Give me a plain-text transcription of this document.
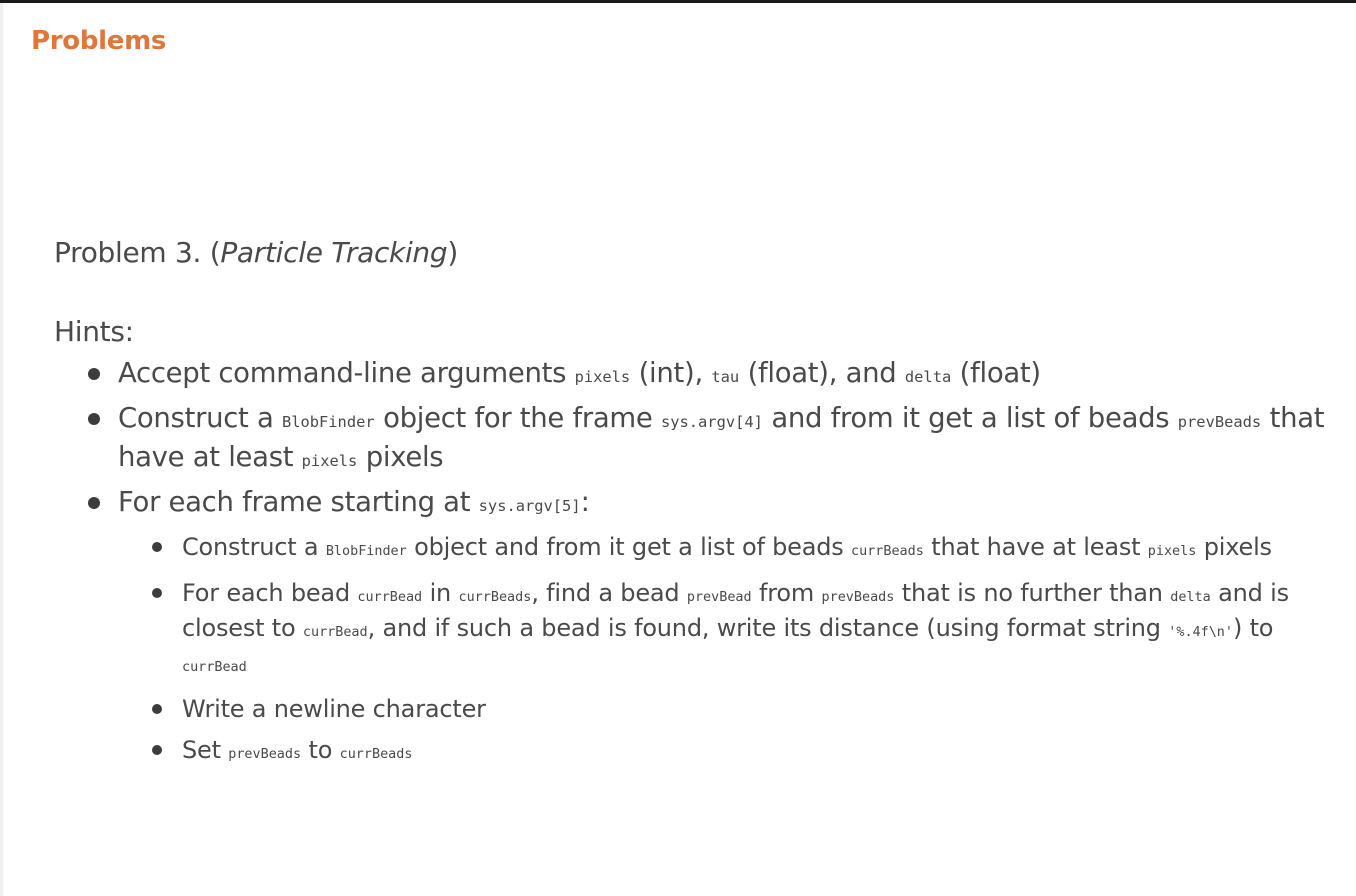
Problems

Problem 3. (Particle Tracking)

Hints:

Accept command-line arguments pixels (int), tau (float), and delta (float)
Construct a BlobFinder object for the frame sys.argv[4] and from it get a list of beads prevBeads that have at least pixels pixels
For each frame starting at sys.argv[5]:
Construct a BlobFinder object and from it get a list of beads currBeads that have at least pixels pixels
For each bead currBead in currBeads, find a bead prevBead from prevBeads that is no further than delta and is closest to currBead, and if such a bead is found, write its distance (using format string '%.4f\n') to currBead
Write a newline character
Set prevBeads to currBeads
